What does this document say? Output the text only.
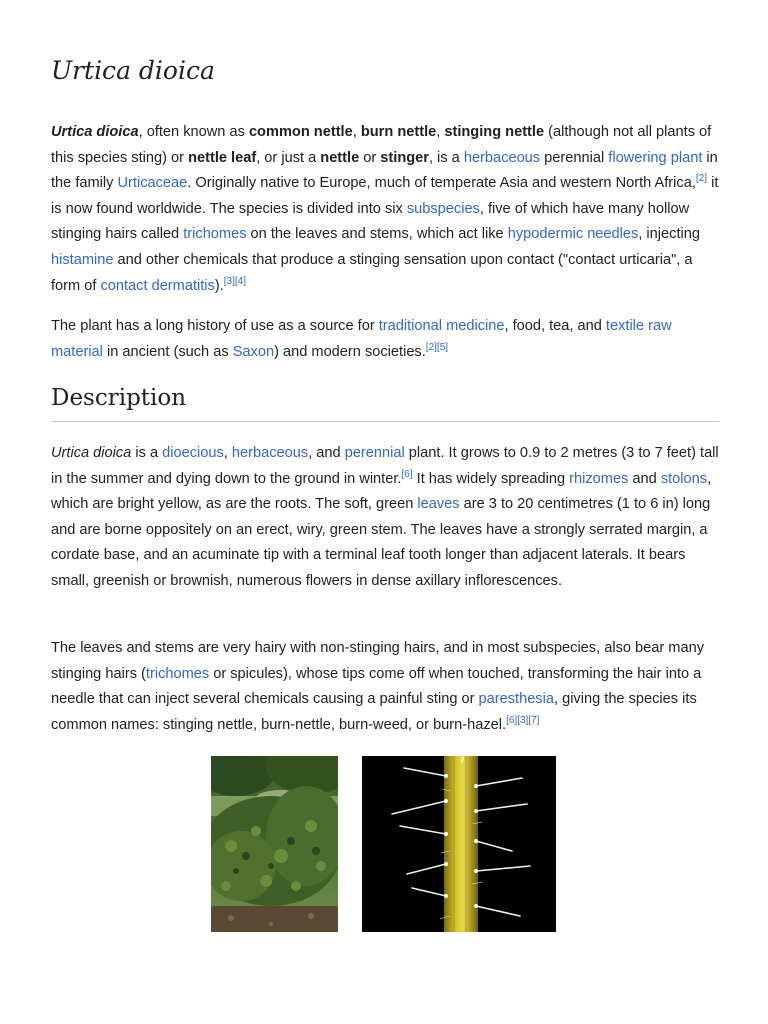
Urtica dioica

Urtica dioica, often known as common nettle, burn nettle, stinging nettle (although not all plants of this species sting) or nettle leaf, or just a nettle or stinger, is a herbaceous perennial flowering plant in the family Urticaceae. Originally native to Europe, much of temperate Asia and western North Africa,[2] it is now found worldwide. The species is divided into six subspecies, five of which have many hollow stinging hairs called trichomes on the leaves and stems, which act like hypodermic needles, injecting histamine and other chemicals that produce a stinging sensation upon contact ("contact urticaria", a form of contact dermatitis).[3][4]

The plant has a long history of use as a source for traditional medicine, food, tea, and textile raw material in ancient (such as Saxon) and modern societies.[2][5]

Description

Urtica dioica is a dioecious, herbaceous, and perennial plant. It grows to 0.9 to 2 metres (3 to 7 feet) tall in the summer and dying down to the ground in winter.[6] It has widely spreading rhizomes and stolons, which are bright yellow, as are the roots. The soft, green leaves are 3 to 20 centimetres (1 to 6 in) long and are borne oppositely on an erect, wiry, green stem. The leaves have a strongly serrated margin, a cordate base, and an acuminate tip with a terminal leaf tooth longer than adjacent laterals. It bears small, greenish or brownish, numerous flowers in dense axillary inflorescences.

The leaves and stems are very hairy with non-stinging hairs, and in most subspecies, also bear many stinging hairs (trichomes or spicules), whose tips come off when touched, transforming the hair into a needle that can inject several chemicals causing a painful sting or paresthesia, giving the species its common names: stinging nettle, burn-nettle, burn-weed, or burn-hazel.[6][3][7]
